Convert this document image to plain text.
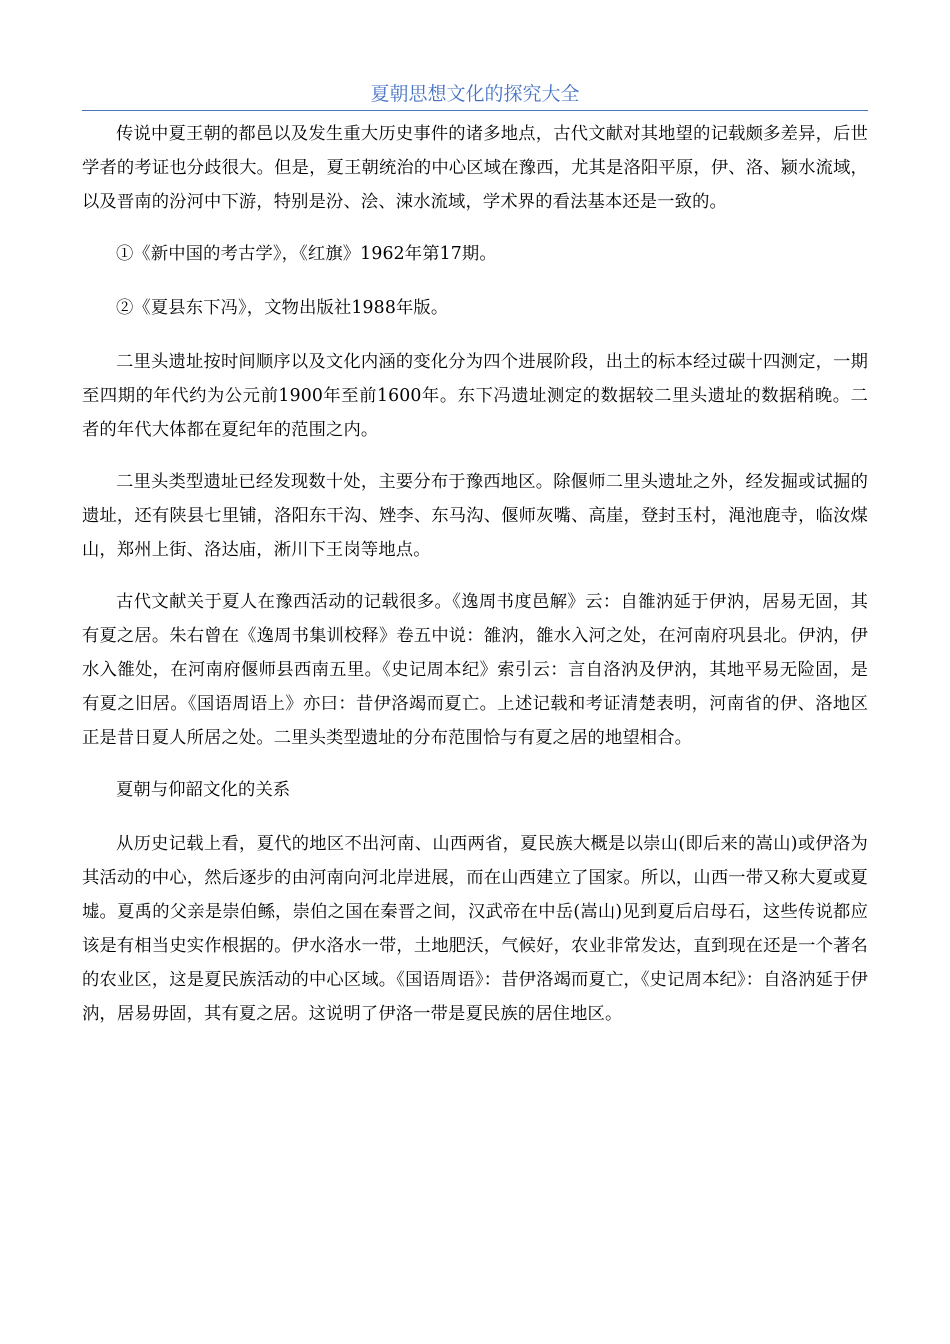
夏朝思想文化的探究大全

传说中夏王朝的都邑以及发生重大历史事件的诸多地点，古代文献对其地望的记载颇多差异，后世学者的考证也分歧很大。但是，夏王朝统治的中心区域在豫西，尤其是洛阳平原，伊、洛、颍水流域，以及晋南的汾河中下游，特别是汾、浍、涑水流域，学术界的看法基本还是一致的。

①《新中国的考古学》，《红旗》1962年第17期。

②《夏县东下冯》，文物出版社1988年版。

二里头遗址按时间顺序以及文化内涵的变化分为四个进展阶段，出土的标本经过碳十四测定，一期至四期的年代约为公元前1900年至前1600年。东下冯遗址测定的数据较二里头遗址的数据稍晚。二者的年代大体都在夏纪年的范围之内。

二里头类型遗址已经发现数十处，主要分布于豫西地区。除偃师二里头遗址之外，经发掘或试掘的遗址，还有陕县七里铺，洛阳东干沟、矬李、东马沟、偃师灰嘴、高崖，登封玉村，渑池鹿寺，临汝煤山，郑州上街、洛达庙，淅川下王岗等地点。

古代文献关于夏人在豫西活动的记载很多。《逸周书度邑解》云：自雒汭延于伊汭，居易无固，其有夏之居。朱右曾在《逸周书集训校释》卷五中说：雒汭，雒水入河之处，在河南府巩县北。伊汭，伊水入雒处，在河南府偃师县西南五里。《史记周本纪》索引云：言自洛汭及伊汭，其地平易无险固，是有夏之旧居。《国语周语上》亦曰：昔伊洛竭而夏亡。上述记载和考证清楚表明，河南省的伊、洛地区正是昔日夏人所居之处。二里头类型遗址的分布范围恰与有夏之居的地望相合。

夏朝与仰韶文化的关系

从历史记载上看，夏代的地区不出河南、山西两省，夏民族大概是以崇山(即后来的嵩山)或伊洛为其活动的中心，然后逐步的由河南向河北岸进展，而在山西建立了国家。所以，山西一带又称大夏或夏墟。夏禹的父亲是崇伯鲧，崇伯之国在秦晋之间，汉武帝在中岳(嵩山)见到夏后启母石，这些传说都应该是有相当史实作根据的。伊水洛水一带，土地肥沃，气候好，农业非常发达，直到现在还是一个著名的农业区，这是夏民族活动的中心区域。《国语周语》：昔伊洛竭而夏亡，《史记周本纪》：自洛汭延于伊汭，居易毋固，其有夏之居。这说明了伊洛一带是夏民族的居住地区。
